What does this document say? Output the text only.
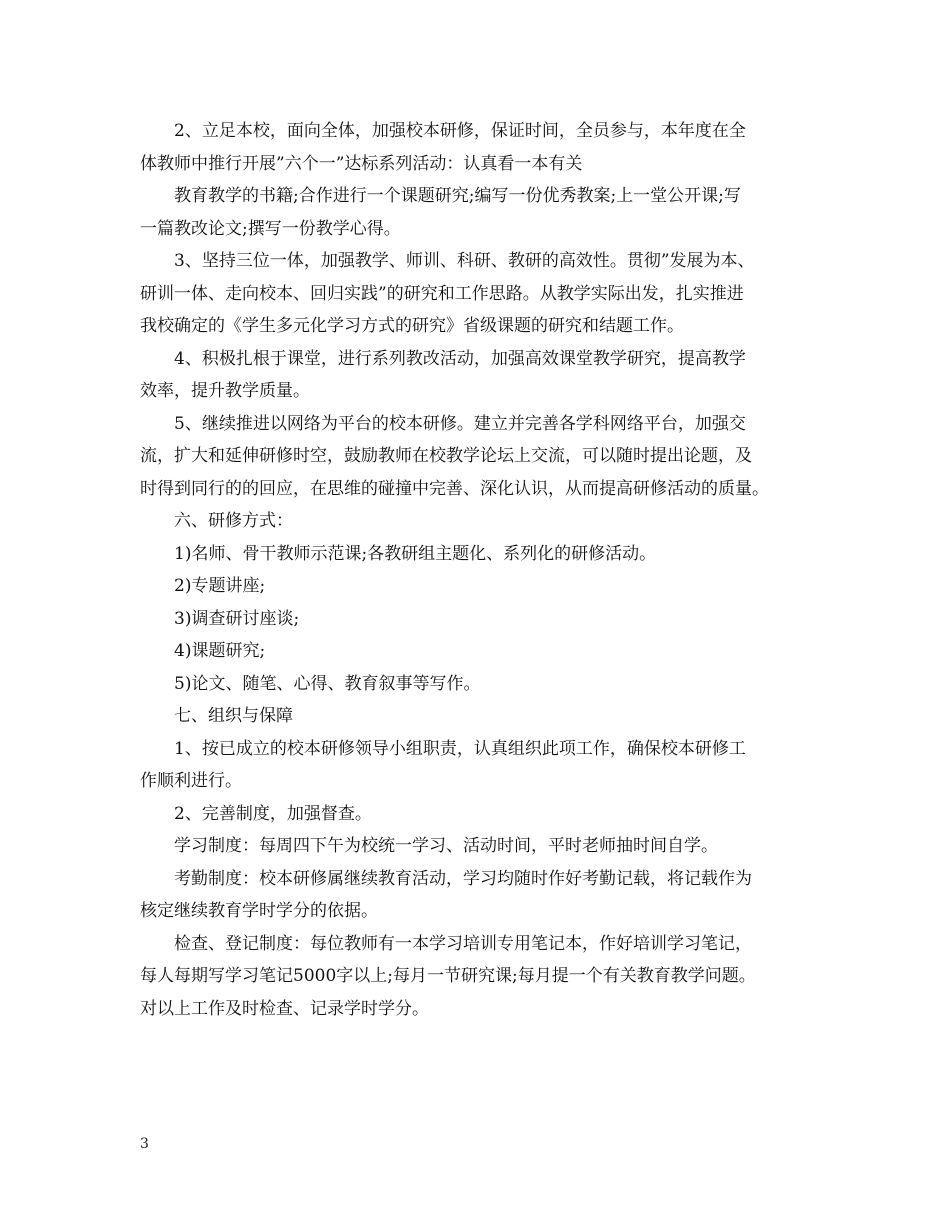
2、立足本校，面向全体，加强校本研修，保证时间，全员参与，本年度在全
体教师中推行开展”六个一”达标系列活动：认真看一本有关
教育教学的书籍;合作进行一个课题研究;编写一份优秀教案;上一堂公开课;写
一篇教改论文;撰写一份教学心得。
3、坚持三位一体，加强教学、师训、科研、教研的高效性。贯彻”发展为本、
研训一体、走向校本、回归实践”的研究和工作思路。从教学实际出发，扎实推进
我校确定的《学生多元化学习方式的研究》省级课题的研究和结题工作。
4、积极扎根于课堂，进行系列教改活动，加强高效课堂教学研究，提高教学
效率，提升教学质量。
5、继续推进以网络为平台的校本研修。建立并完善各学科网络平台，加强交
流，扩大和延伸研修时空，鼓励教师在校教学论坛上交流，可以随时提出论题，及
时得到同行的的回应，在思维的碰撞中完善、深化认识，从而提高研修活动的质量。
六、研修方式：
1)名师、骨干教师示范课;各教研组主题化、系列化的研修活动。
2)专题讲座;
3)调查研讨座谈;
4)课题研究;
5)论文、随笔、心得、教育叙事等写作。
七、组织与保障
1、按已成立的校本研修领导小组职责，认真组织此项工作，确保校本研修工
作顺利进行。
2、完善制度，加强督查。
学习制度：每周四下午为校统一学习、活动时间，平时老师抽时间自学。
考勤制度：校本研修属继续教育活动，学习均随时作好考勤记载，将记载作为
核定继续教育学时学分的依据。
检查、登记制度：每位教师有一本学习培训专用笔记本，作好培训学习笔记，
每人每期写学习笔记5000字以上;每月一节研究课;每月提一个有关教育教学问题。
对以上工作及时检查、记录学时学分。
3
